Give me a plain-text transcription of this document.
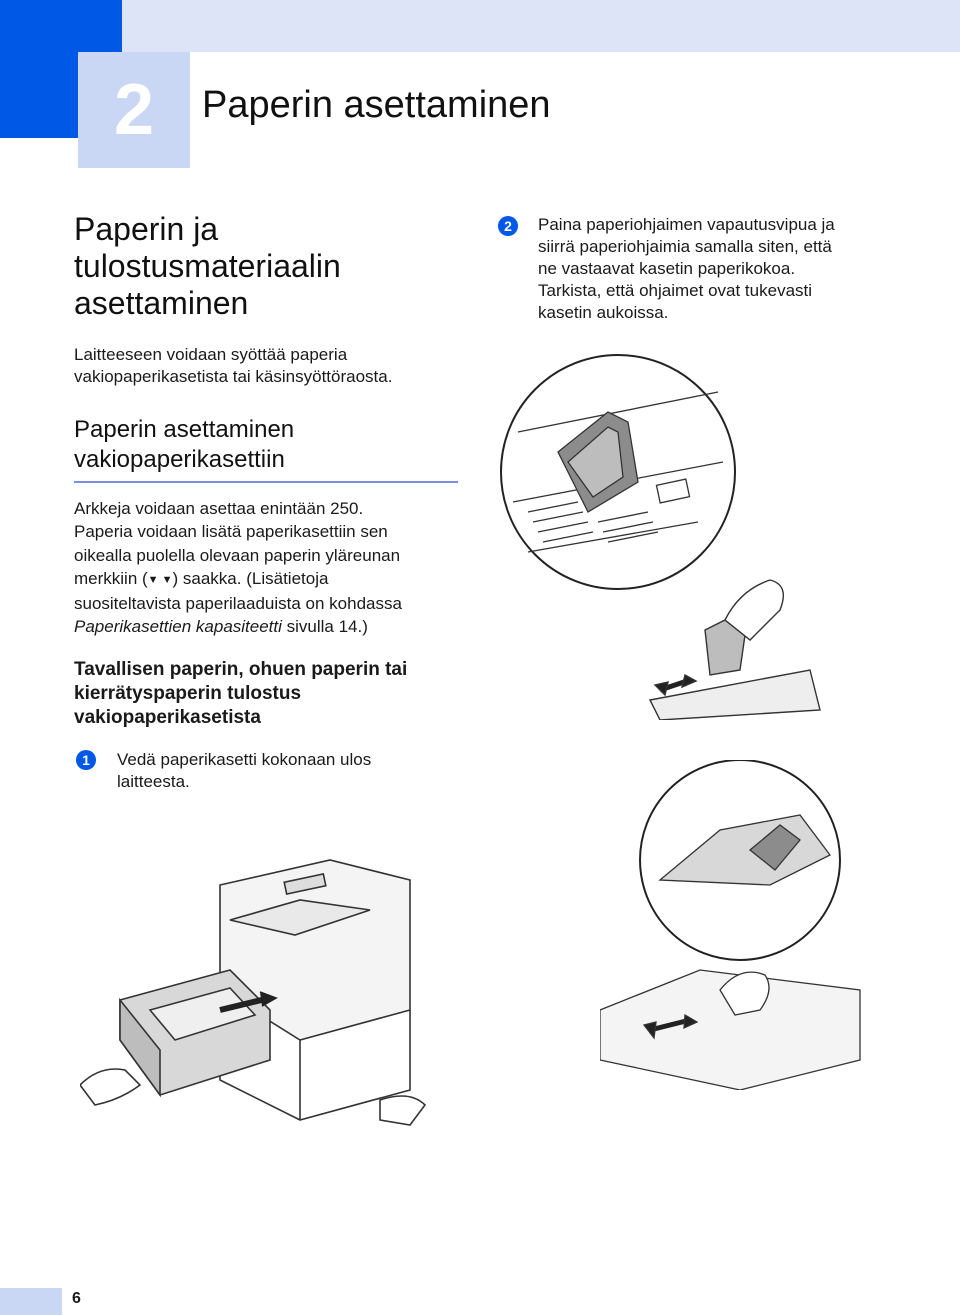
2	Paperin asettaminen
Paperin ja
tulostusmateriaalin
asettaminen
Laitteeseen voidaan syöttää paperia
vakiopaperikasetista tai käsinsyöttöraosta.
Paperin asettaminen
vakiopaperikasettiin
Arkkeja voidaan asettaa enintään 250.
Paperia voidaan lisätä paperikasettiin sen
oikealla puolella olevaan paperin yläreunan
merkkiin (▼ ▼) saakka. (Lisätietoja
suositeltavista paperilaaduista on kohdassa
Paperikasettien kapasiteetti sivulla 14.)
Tavallisen paperin, ohuen paperin tai
kierrätyspaperin tulostus
vakiopaperikasetista
1	Vedä paperikasetti kokonaan ulos
laitteesta.
2	Paina paperiohjaimen vapautusvipua ja
siirrä paperiohjaimia samalla siten, että
ne vastaavat kasetin paperikokoa.
Tarkista, että ohjaimet ovat tukevasti
kasetin aukoissa.
6
